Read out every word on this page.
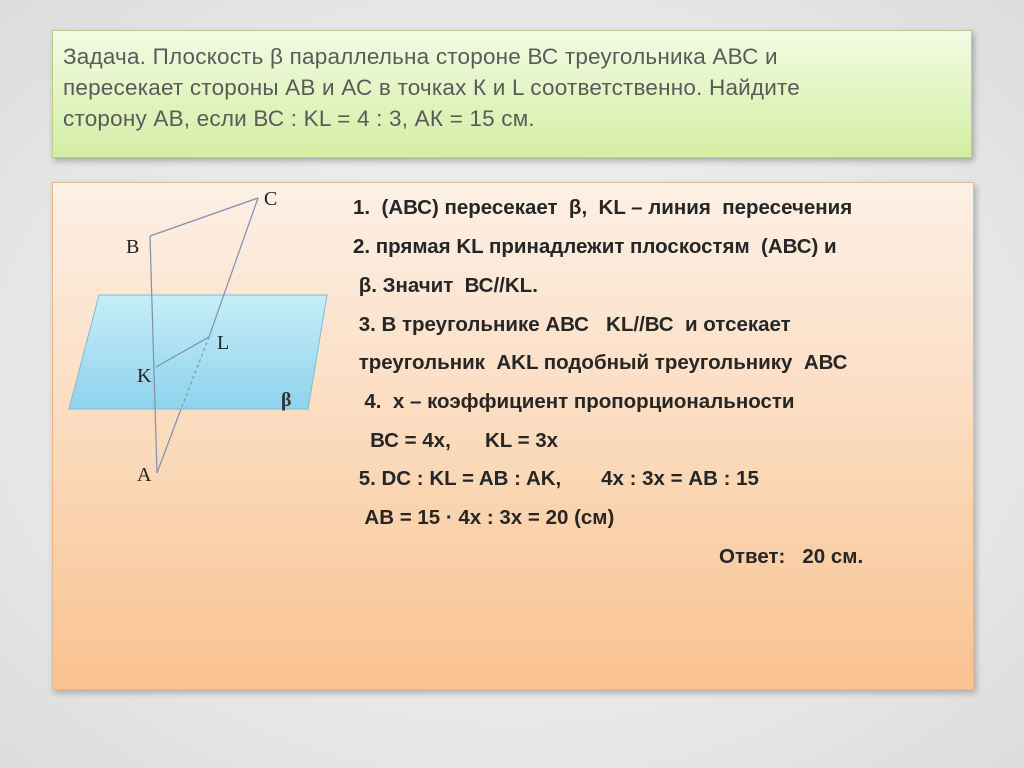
Задача. Плоскость β параллельна стороне ВС треугольника АВС и

пересекает стороны АВ и АС в точках К и L соответственно. Найдите

сторону АВ, если ВС : KL = 4 : 3, АК = 15 см.

C
B
L
K
A
β

1.  (АВС) пересекает  β,  KL – линия  пересечения

2. прямая KL принадлежит плоскостям  (АВС) и

β. Значит  ВС//KL.

3. В треугольнике АВС   KL//ВС  и отсекает

треугольник  AKL подобный треугольнику  АВС

4.  х – коэффициент пропорциональности

ВС = 4х,      KL = 3х

5. DC : KL = AB : AK,       4х : 3х = АВ : 15

АВ = 15 · 4х : 3х = 20 (см)

Ответ:   20 см.
